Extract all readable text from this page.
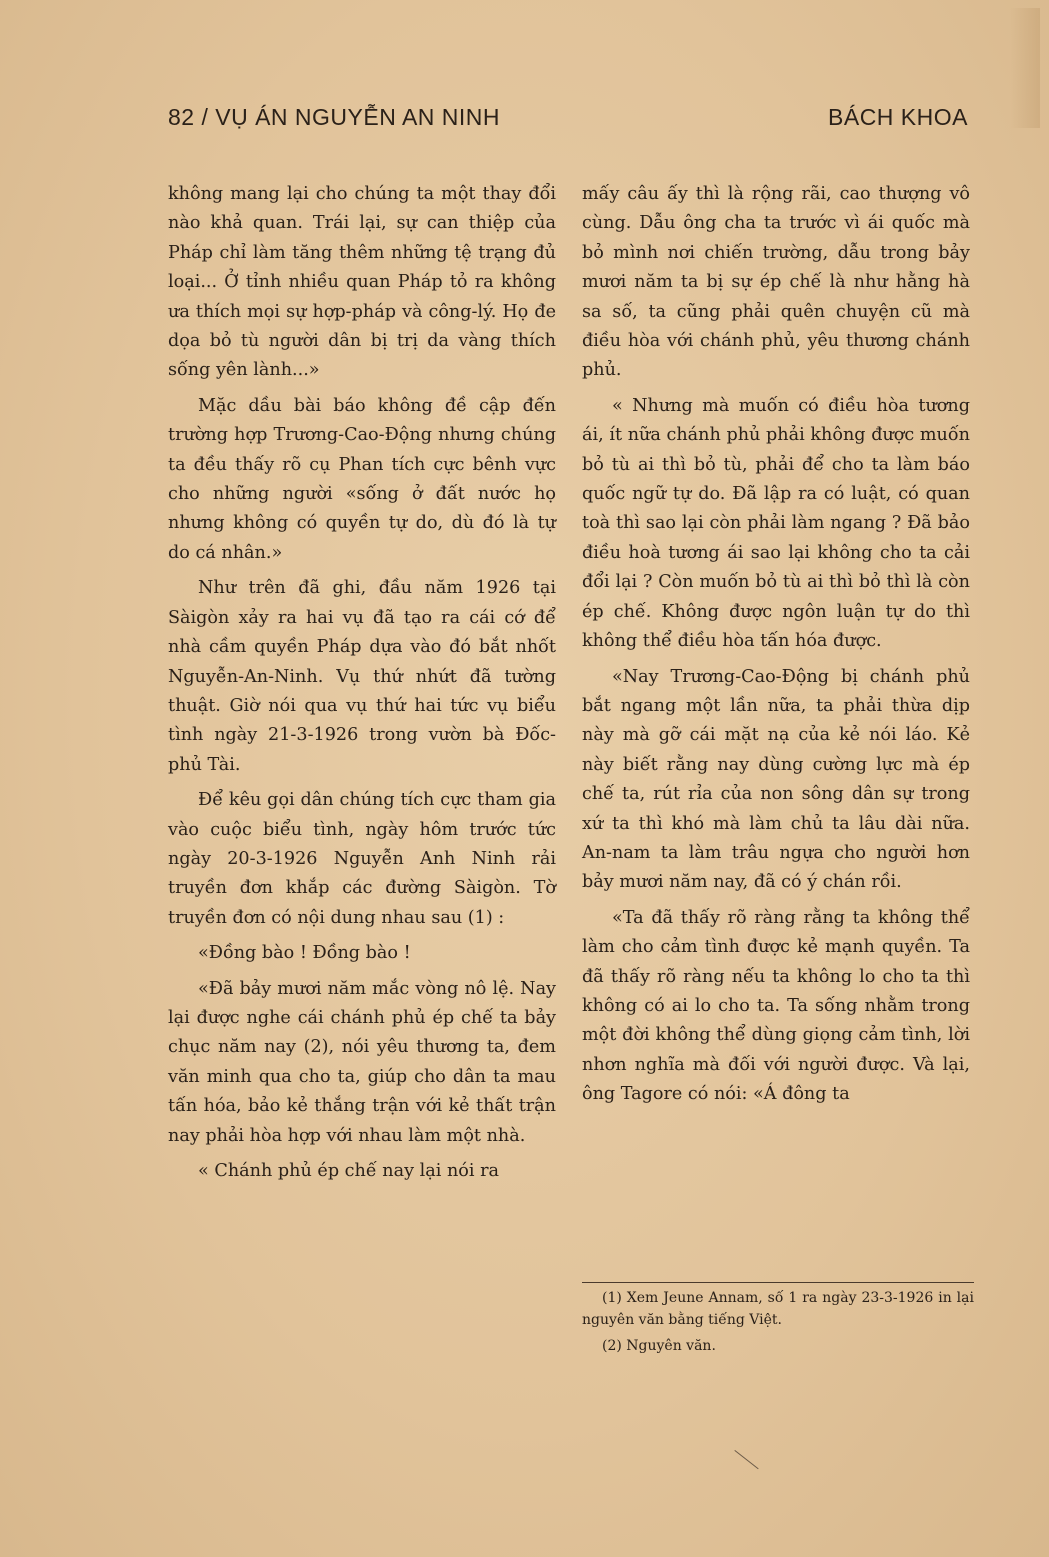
82 / VỤ ÁN NGUYỄN AN NINH	BÁCH KHOA

không mang lại cho chúng ta một thay đổi nào khả quan. Trái lại, sự can thiệp của Pháp chỉ làm tăng thêm những tệ trạng đủ loại... Ở tỉnh nhiều quan Pháp tỏ ra không ưa thích mọi sự hợp-pháp và công-lý. Họ đe dọa bỏ tù người dân bị trị da vàng thích sống yên lành...»

Mặc dầu bài báo không đề cập đến trường hợp Trương-Cao-Động nhưng chúng ta đều thấy rõ cụ Phan tích cực bênh vực cho những người «sống ở đất nước họ nhưng không có quyền tự do, dù đó là tự do cá nhân.»

Như trên đã ghi, đầu năm 1926 tại Sàigòn xảy ra hai vụ đã tạo ra cái cớ để nhà cầm quyền Pháp dựa vào đó bắt nhốt Nguyễn-An-Ninh. Vụ thứ nhứt đã tường thuật. Giờ nói qua vụ thứ hai tức vụ biểu tình ngày 21-3-1926 trong vườn bà Đốc-phủ Tài.

Để kêu gọi dân chúng tích cực tham gia vào cuộc biểu tình, ngày hôm trước tức ngày 20-3-1926 Nguyễn Anh Ninh rải truyền đơn khắp các đường Sàigòn. Tờ truyền đơn có nội dung nhau sau (1) :

«Đồng bào ! Đồng bào !

«Đã bảy mươi năm mắc vòng nô lệ. Nay lại được nghe cái chánh phủ ép chế ta bảy chục năm nay (2), nói yêu thương ta, đem văn minh qua cho ta, giúp cho dân ta mau tấn hóa, bảo kẻ thắng trận với kẻ thất trận nay phải hòa hợp với nhau làm một nhà.

« Chánh phủ ép chế nay lại nói ra

mấy câu ấy thì là rộng rãi, cao thượng vô cùng. Dẫu ông cha ta trước vì ái quốc mà bỏ mình nơi chiến trường, dẫu trong bảy mươi năm ta bị sự ép chế là như hằng hà sa số, ta cũng phải quên chuyện cũ mà điều hòa với chánh phủ, yêu thương chánh phủ.

« Nhưng mà muốn có điều hòa tương ái, ít nữa chánh phủ phải không được muốn bỏ tù ai thì bỏ tù, phải để cho ta làm báo quốc ngữ tự do. Đã lập ra có luật, có quan toà thì sao lại còn phải làm ngang ? Đã bảo điều hoà tương ái sao lại không cho ta cải đổi lại ? Còn muốn bỏ tù ai thì bỏ thì là còn ép chế. Không được ngôn luận tự do thì không thể điều hòa tấn hóa được.

«Nay Trương-Cao-Động bị chánh phủ bắt ngang một lần nữa, ta phải thừa dịp này mà gỡ cái mặt nạ của kẻ nói láo. Kẻ này biết rằng nay dùng cường lực mà ép chế ta, rút rỉa của non sông dân sự trong xứ ta thì khó mà làm chủ ta lâu dài nữa. An-nam ta làm trâu ngựa cho người hơn bảy mươi năm nay, đã có ý chán rồi.

«Ta đã thấy rõ ràng rằng ta không thể làm cho cảm tình được kẻ mạnh quyền. Ta đã thấy rõ ràng nếu ta không lo cho ta thì không có ai lo cho ta. Ta sống nhằm trong một đời không thể dùng giọng cảm tình, lời nhơn nghĩa mà đối với người được. Và lại, ông Tagore có nói: «Á đông ta

(1) Xem Jeune Annam, số 1 ra ngày 23-3-1926 in lại nguyên văn bằng tiếng Việt.

(2) Nguyên văn.
